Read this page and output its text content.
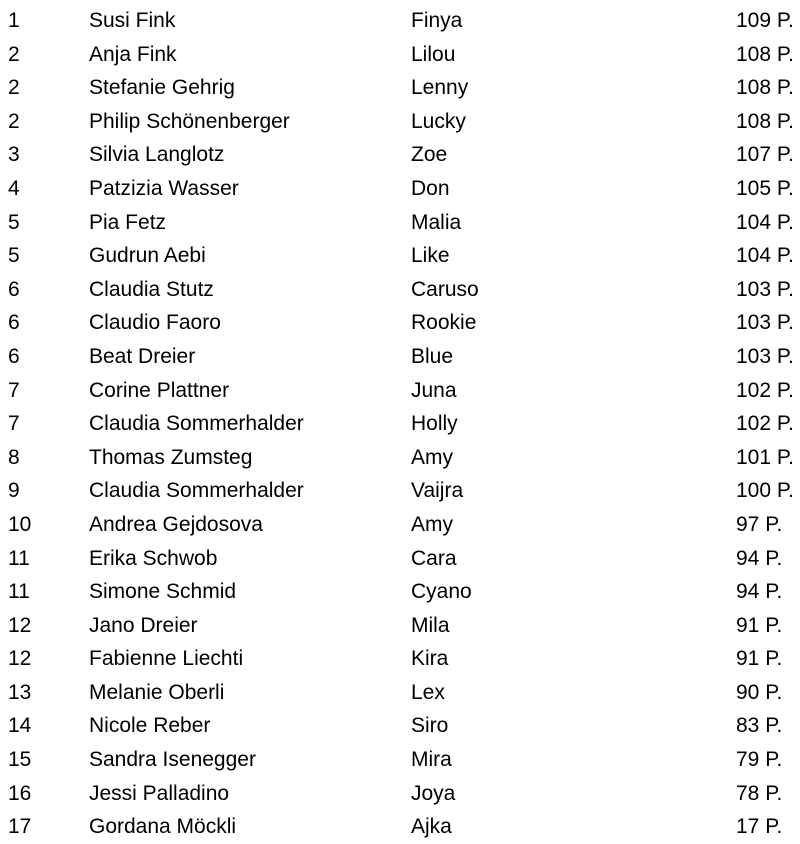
1	Susi Fink	Finya	109 P.
2	Anja Fink	Lilou	108 P.
2	Stefanie Gehrig	Lenny	108 P.
2	Philip Schönenberger	Lucky	108 P.
3	Silvia Langlotz	Zoe	107 P.
4	Patzizia Wasser	Don	105 P.
5	Pia Fetz	Malia	104 P.
5	Gudrun Aebi	Like	104 P.
6	Claudia Stutz	Caruso	103 P.
6	Claudio Faoro	Rookie	103 P.
6	Beat Dreier	Blue	103 P.
7	Corine Plattner	Juna	102 P.
7	Claudia Sommerhalder	Holly	102 P.
8	Thomas Zumsteg	Amy	101 P.
9	Claudia Sommerhalder	Vaijra	100 P.
10	Andrea Gejdosova	Amy	97 P.
11	Erika Schwob	Cara	94 P.
11	Simone Schmid	Cyano	94 P.
12	Jano Dreier	Mila	91 P.
12	Fabienne Liechti	Kira	91 P.
13	Melanie Oberli	Lex	90 P.
14	Nicole Reber	Siro	83 P.
15	Sandra Isenegger	Mira	79 P.
16	Jessi Palladino	Joya	78 P.
17	Gordana Möckli	Ajka	17 P.
